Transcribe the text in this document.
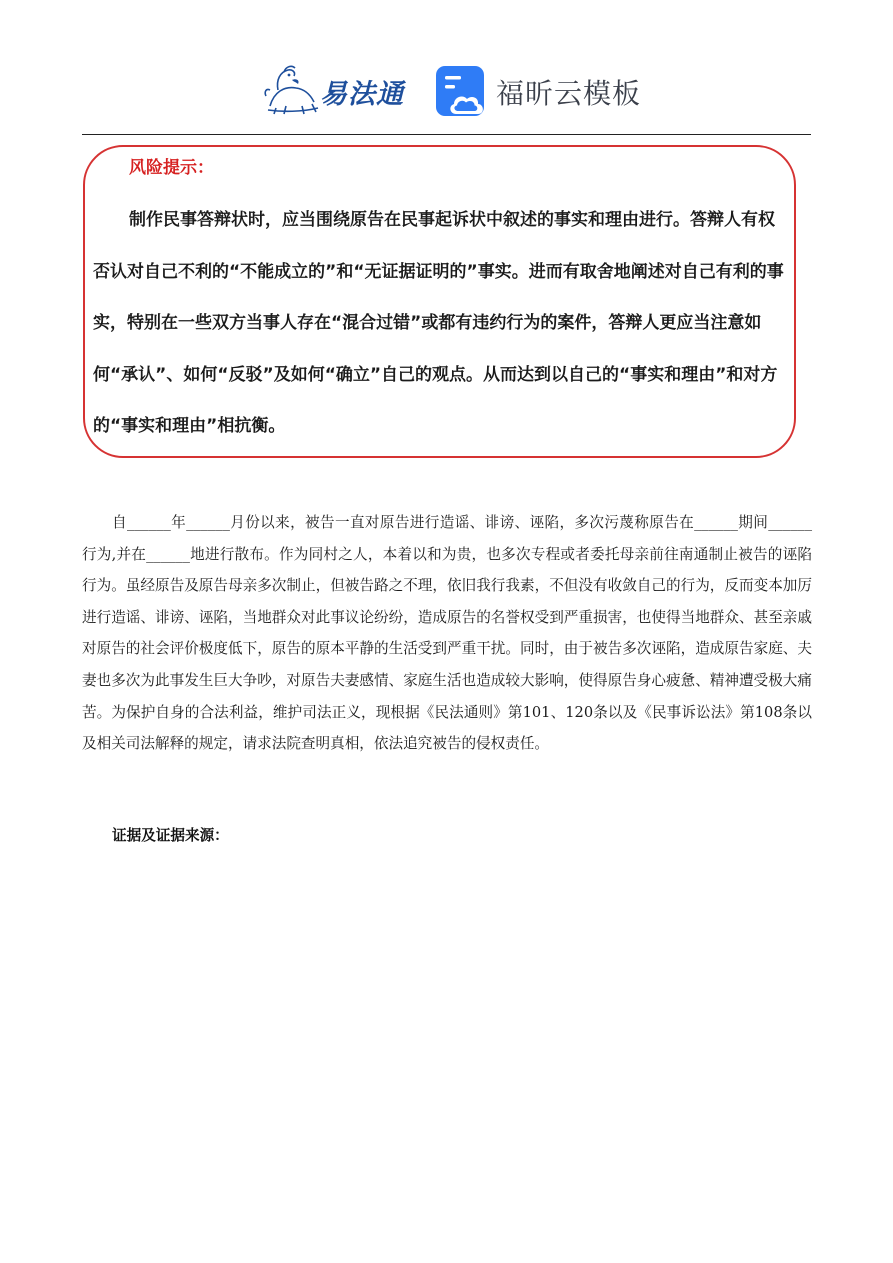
易法通	福昕云模板
风险提示：

制作民事答辩状时，应当围绕原告在民事起诉状中叙述的事实和理由进行。答辩人有权否认对自己不利的“不能成立的”和“无证据证明的”事实。进而有取舍地阐述对自己有利的事实，特别在一些双方当事人存在“混合过错”或都有违约行为的案件，答辩人更应当注意如何“承认”、如何“反驳”及如何“确立”自己的观点。从而达到以自己的“事实和理由”和对方的“事实和理由”相抗衡。

自______年______月份以来，被告一直对原告进行造谣、诽谤、诬陷，多次污蔑称原告在______期间______行为,并在______地进行散布。作为同村之人，本着以和为贵，也多次专程或者委托母亲前往南通制止被告的诬陷行为。虽经原告及原告母亲多次制止，但被告路之不理，依旧我行我素，不但没有收敛自己的行为，反而变本加厉进行造谣、诽谤、诬陷，当地群众对此事议论纷纷，造成原告的名誉权受到严重损害，也使得当地群众、甚至亲戚对原告的社会评价极度低下，原告的原本平静的生活受到严重干扰。同时，由于被告多次诬陷，造成原告家庭、夫妻也多次为此事发生巨大争吵，对原告夫妻感情、家庭生活也造成较大影响，使得原告身心疲惫、精神遭受极大痛苦。为保护自身的合法利益，维护司法正义，现根据《民法通则》第101、120条以及《民事诉讼法》第108条以及相关司法解释的规定，请求法院查明真相，依法追究被告的侵权责任。

证据及证据来源：
